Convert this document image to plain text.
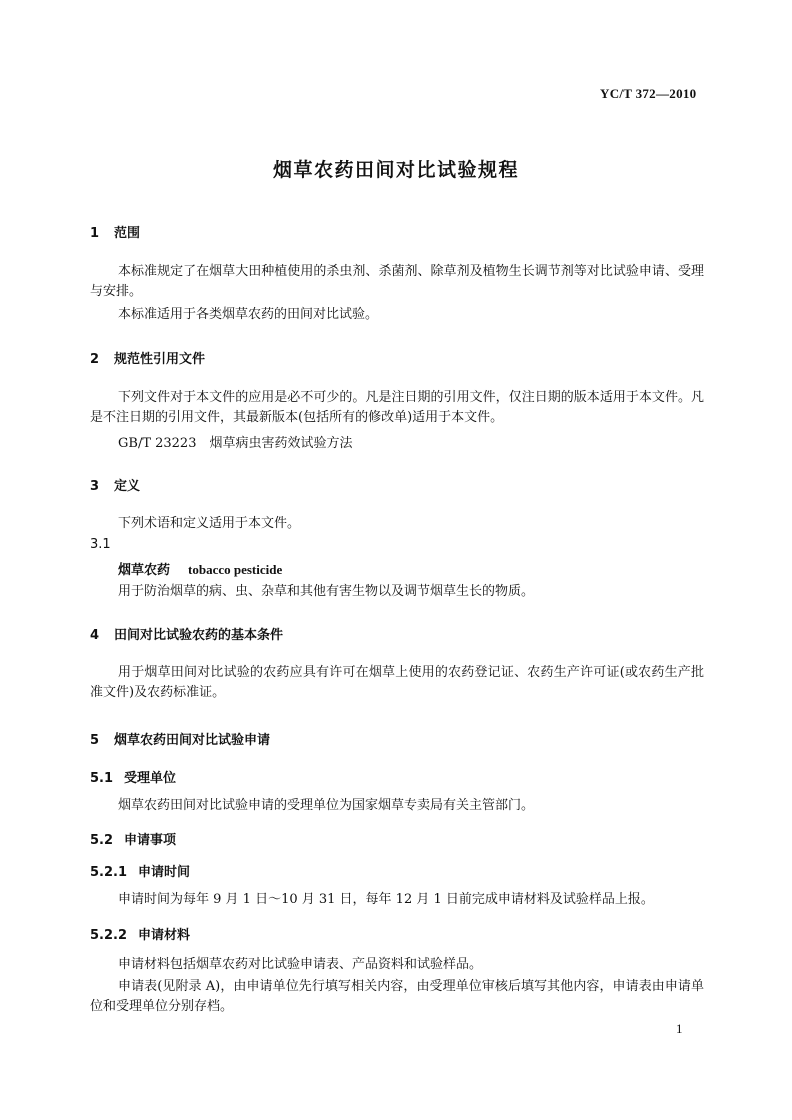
YC/T 372—2010
烟草农药田间对比试验规程
1 范围

本标准规定了在烟草大田种植使用的杀虫剂、杀菌剂、除草剂及植物生长调节剂等对比试验申请、受理与安排。

本标准适用于各类烟草农药的田间对比试验。

2 规范性引用文件

下列文件对于本文件的应用是必不可少的。凡是注日期的引用文件，仅注日期的版本适用于本文件。凡是不注日期的引用文件，其最新版本(包括所有的修改单)适用于本文件。

GB/T 23223　烟草病虫害药效试验方法
3 定义

下列术语和定义适用于本文件。

3.1
烟草农药 tobacco pesticide
用于防治烟草的病、虫、杂草和其他有害生物以及调节烟草生长的物质。
4 田间对比试验农药的基本条件

用于烟草田间对比试验的农药应具有许可在烟草上使用的农药登记证、农药生产许可证(或农药生产批准文件)及农药标准证。

5 烟草农药田间对比试验申请
5.1 受理单位

烟草农药田间对比试验申请的受理单位为国家烟草专卖局有关主管部门。

5.2 申请事项
5.2.1 申请时间

申请时间为每年 9 月 1 日～10 月 31 日，每年 12 月 1 日前完成申请材料及试验样品上报。

5.2.2 申请材料

申请材料包括烟草农药对比试验申请表、产品资料和试验样品。

申请表(见附录 A)，由申请单位先行填写相关内容，由受理单位审核后填写其他内容，申请表由申请单位和受理单位分别存档。

1
